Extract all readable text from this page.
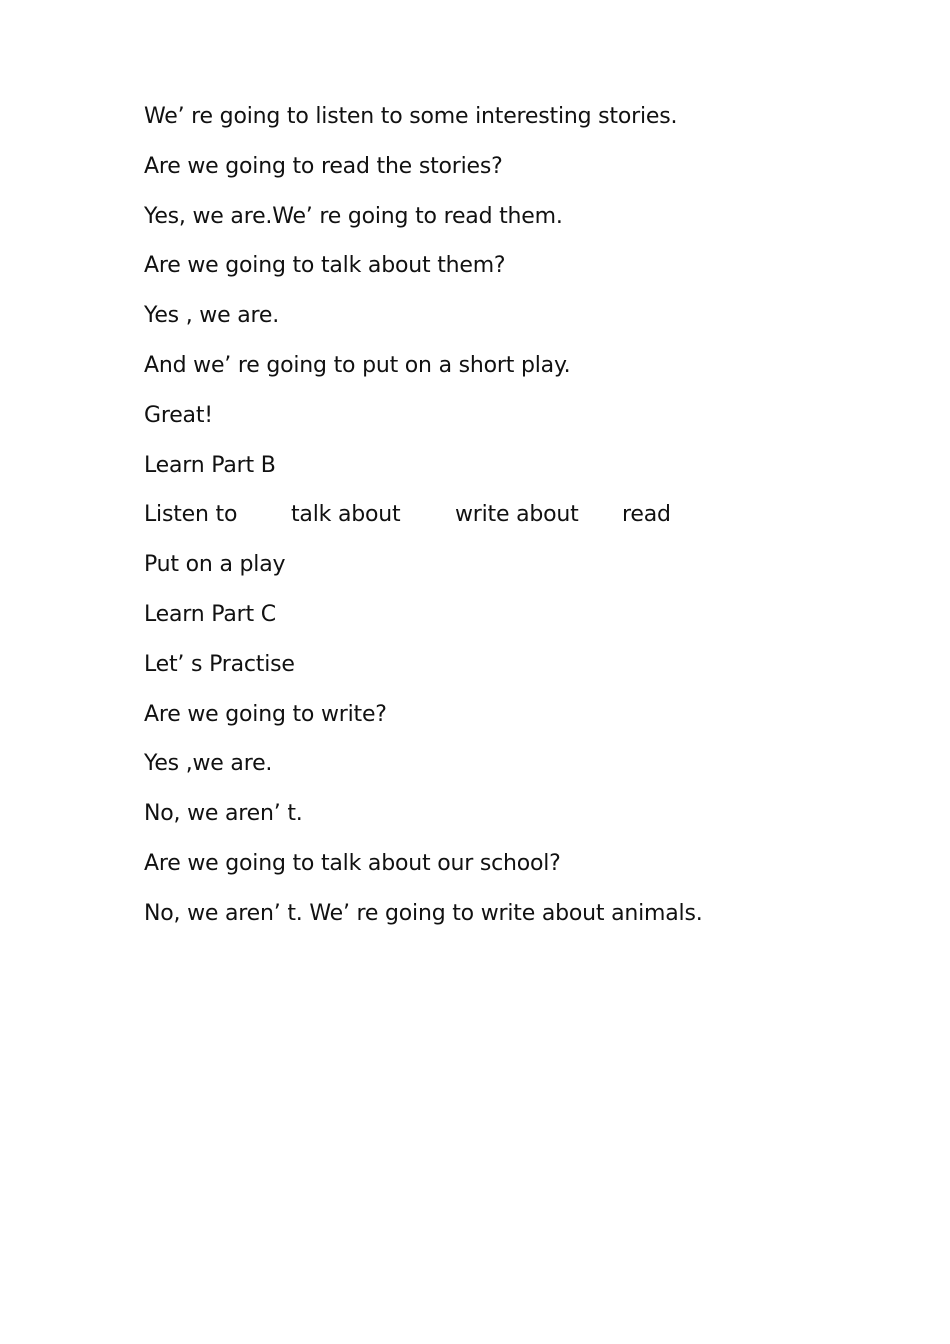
We’ re going to listen to some interesting stories.
Are we going to read the stories?
Yes, we are.We’ re going to read them.
Are we going to talk about them?
Yes , we are.
And we’ re going to put on a short play.
Great!
Learn Part B

Listen to

talk about

write about

read

Put on a play
Learn Part C
Let’ s Practise
Are we going to write?
Yes ,we are.
No, we aren’ t.
Are we going to talk about our school?
No, we aren’ t. We’ re going to write about animals.
